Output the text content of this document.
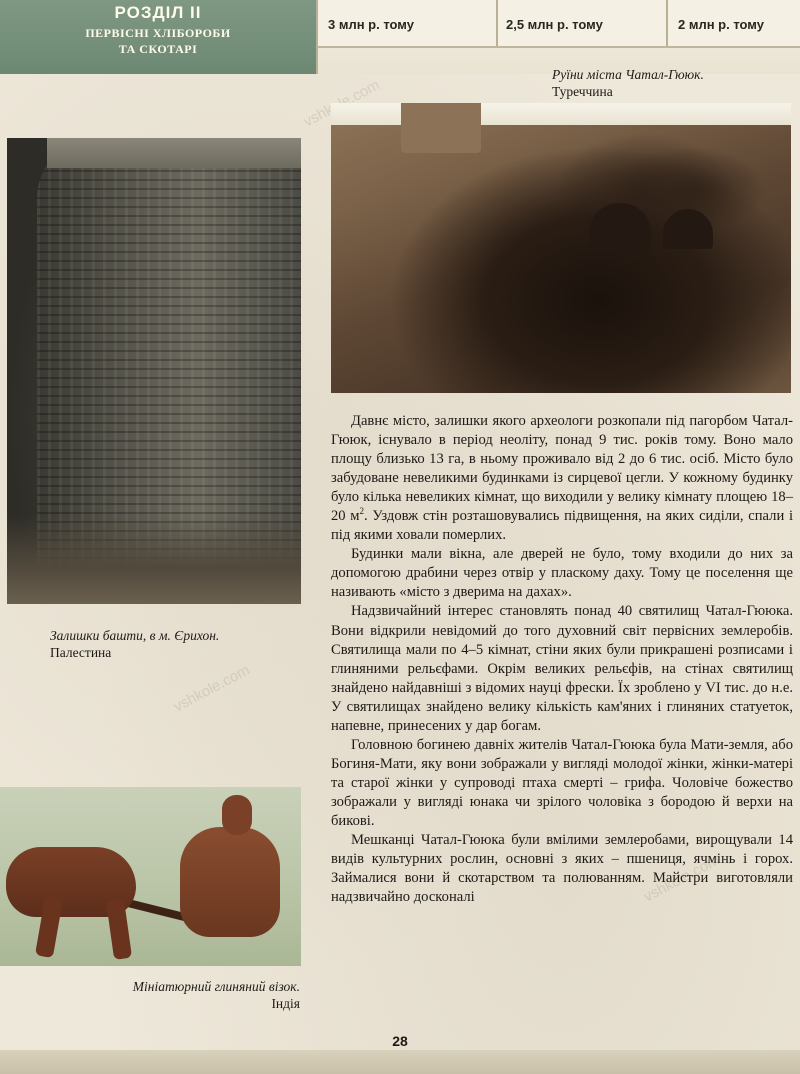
РОЗДІЛ II
ПЕРВІСНІ ХЛІБОРОБИ
ТА СКОТАРІ
3 млн р. тому	2,5 млн р. тому	2 млн р. тому
vshkole.com
vshkole.com
Руїни міста Чатал-Гююк.
Туреччина
Залишки башти, в м. Єрихон.
Палестина
Мініатюрний глиняний візок.
Індія

Давнє місто, залишки якого археологи розкопали під пагорбом Чатал-Гююк, існувало в період неоліту, понад 9 тис. років тому. Воно мало площу близько 13 га, в ньому проживало від 2 до 6 тис. осіб. Місто було забудоване невеликими будинками із сирцевої цегли. У кожному будинку було кілька невеликих кімнат, що виходили у велику кімнату площею 18–20 $м^2$. Уздовж стін розташовувались підвищення, на яких сиділи, спали і під якими ховали померлих.

Будинки мали вікна, але дверей не було, тому входили до них за допомогою драбини через отвір у пласкому даху. Тому це поселення ще називають «місто з дверима на дахах».

Надзвичайний інтерес становлять понад 40 святилищ Чатал-Гююка. Вони відкрили невідомий до того духовний світ первісних землеробів. Святилища мали по 4–5 кімнат, стіни яких були прикрашені розписами і глиняними рельєфами. Окрім великих рельєфів, на стінах святилищ знайдено найдавніші з відомих науці фрески. Їх зроблено у VI тис. до н.е. У святилищах знайдено велику кількість кам'яних і глиняних статуеток, напевне, принесених у дар богам.

Головною богинею давніх жителів Чатал-Гююка була Мати-земля, або Богиня-Мати, яку вони зображали у вигляді молодої жінки, жінки-матері та старої жінки у супроводі птаха смерті – грифа. Чоловіче божество зображали у вигляді юнака чи зрілого чоловіка з бородою й верхи на бикові.

Мешканці Чатал-Гююка були вмілими землеробами, вирощували 14 видів культурних рослин, основні з яких – пшениця, ячмінь і горох. Займалися вони й скотарством та полюванням. Майстри виготовляли надзвичайно досконалі

28
